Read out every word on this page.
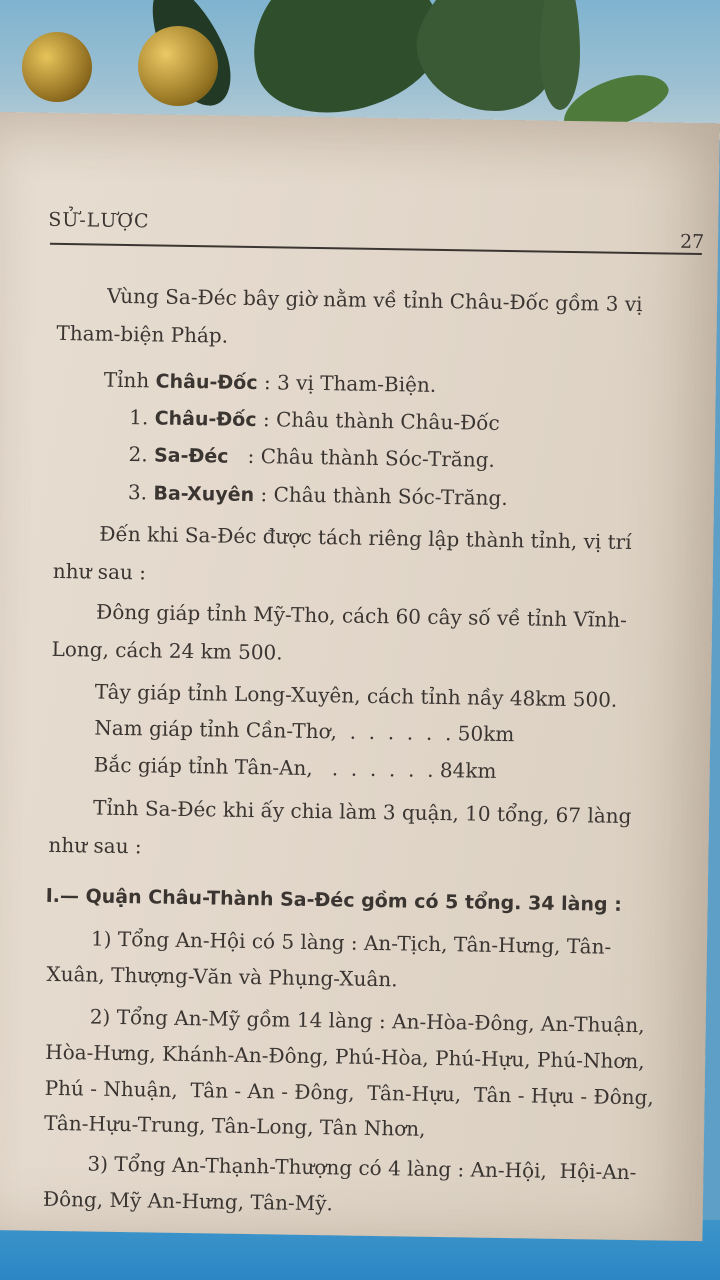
SỬ-LƯỢC
27
Vùng Sa-Đéc bây giờ nằm về tỉnh Châu-Đốc gồm 3 vị
Tham-biện Pháp.
Tỉnh Châu-Đốc : 3 vị Tham-Biện.
1. Châu-Đốc : Châu thành Châu-Đốc
2. Sa-Đéc   : Châu thành Sóc-Trăng.
3. Ba-Xuyên : Châu thành Sóc-Trăng.
Đến khi Sa-Đéc được tách riêng lập thành tỉnh, vị trí
như sau :
Đông giáp tỉnh Mỹ-Tho, cách 60 cây số về tỉnh Vĩnh-
Long, cách 24 km 500.
Tây giáp tỉnh Long-Xuyên, cách tỉnh nầy 48km 500.
Nam giáp tỉnh Cần-Thơ,  .  .  .  .  .  . 50km
Bắc giáp tỉnh Tân-An,   .  .  .  .  .  . 84km
Tỉnh Sa-Đéc khi ấy chia làm 3 quận, 10 tổng, 67 làng
như sau :
I.— Quận Châu-Thành Sa-Đéc gồm có 5 tổng. 34 làng :
1) Tổng An-Hội có 5 làng : An-Tịch, Tân-Hưng, Tân-
Xuân, Thượng-Văn và Phụng-Xuân.
2) Tổng An-Mỹ gồm 14 làng : An-Hòa-Đông, An-Thuận,
Hòa-Hưng, Khánh-An-Đông, Phú-Hòa, Phú-Hựu, Phú-Nhơn,
Phú - Nhuận,  Tân - An - Đông,  Tân-Hựu,  Tân - Hựu - Đông,
Tân-Hựu-Trung, Tân-Long, Tân Nhơn,
3) Tổng An-Thạnh-Thượng có 4 làng : An-Hội,  Hội-An-
Đông, Mỹ An-Hưng, Tân-Mỹ.
